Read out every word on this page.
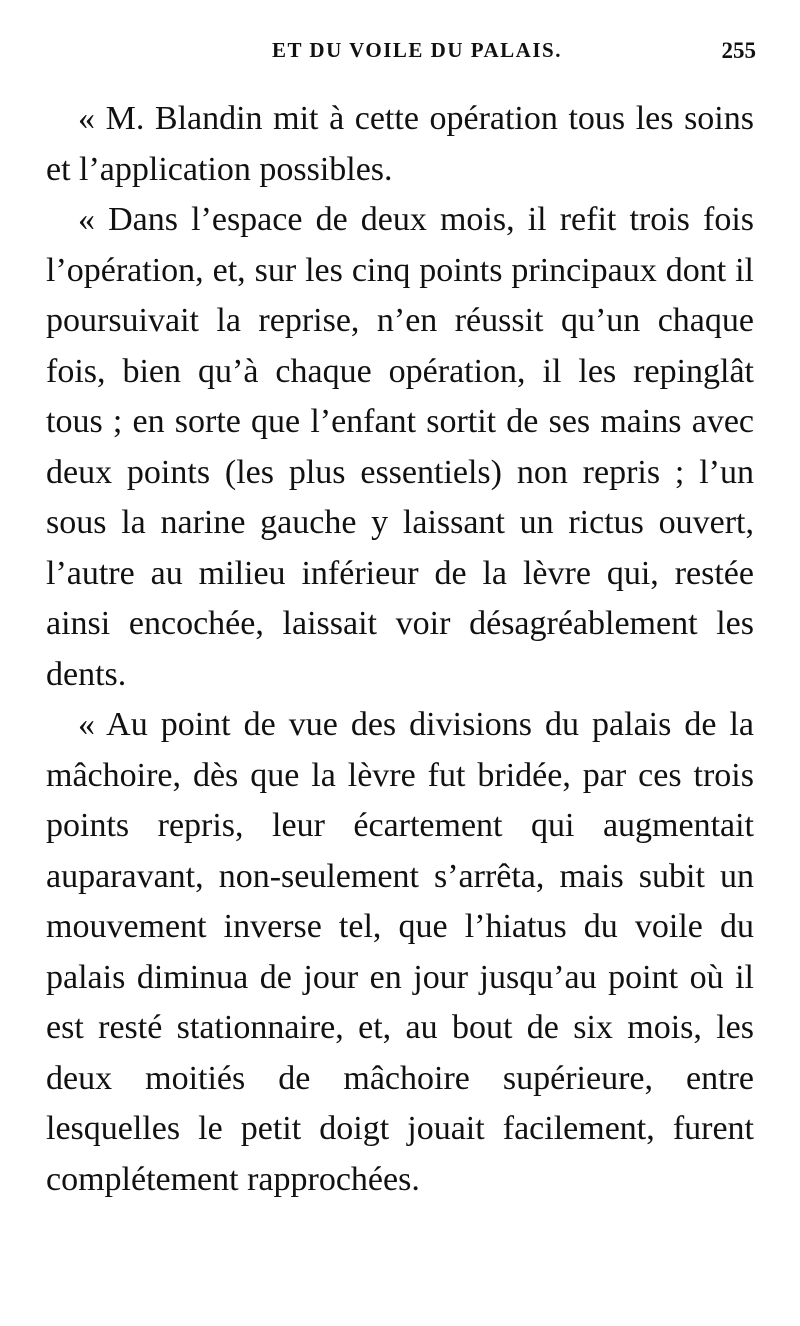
ET DU VOILE DU PALAIS.	255

« M. Blandin mit à cette opération tous les soins et l’application possibles.

« Dans l’espace de deux mois, il refit trois fois l’opération, et, sur les cinq points principaux dont il poursuivait la reprise, n’en réussit qu’un chaque fois, bien qu’à chaque opération, il les repinglât tous ; en sorte que l’enfant sortit de ses mains avec deux points (les plus essentiels) non repris ; l’un sous la narine gauche y laissant un rictus ouvert, l’autre au milieu inférieur de la lèvre qui, restée ainsi encochée, laissait voir désagréablement les dents.

« Au point de vue des divisions du palais de la mâchoire, dès que la lèvre fut bridée, par ces trois points repris, leur écartement qui augmentait auparavant, non-seulement s’arrêta, mais subit un mouvement inverse tel, que l’hiatus du voile du palais diminua de jour en jour jusqu’au point où il est resté stationnaire, et, au bout de six mois, les deux moitiés de mâchoire supérieure, entre lesquelles le petit doigt jouait facilement, furent complétement rapprochées.
